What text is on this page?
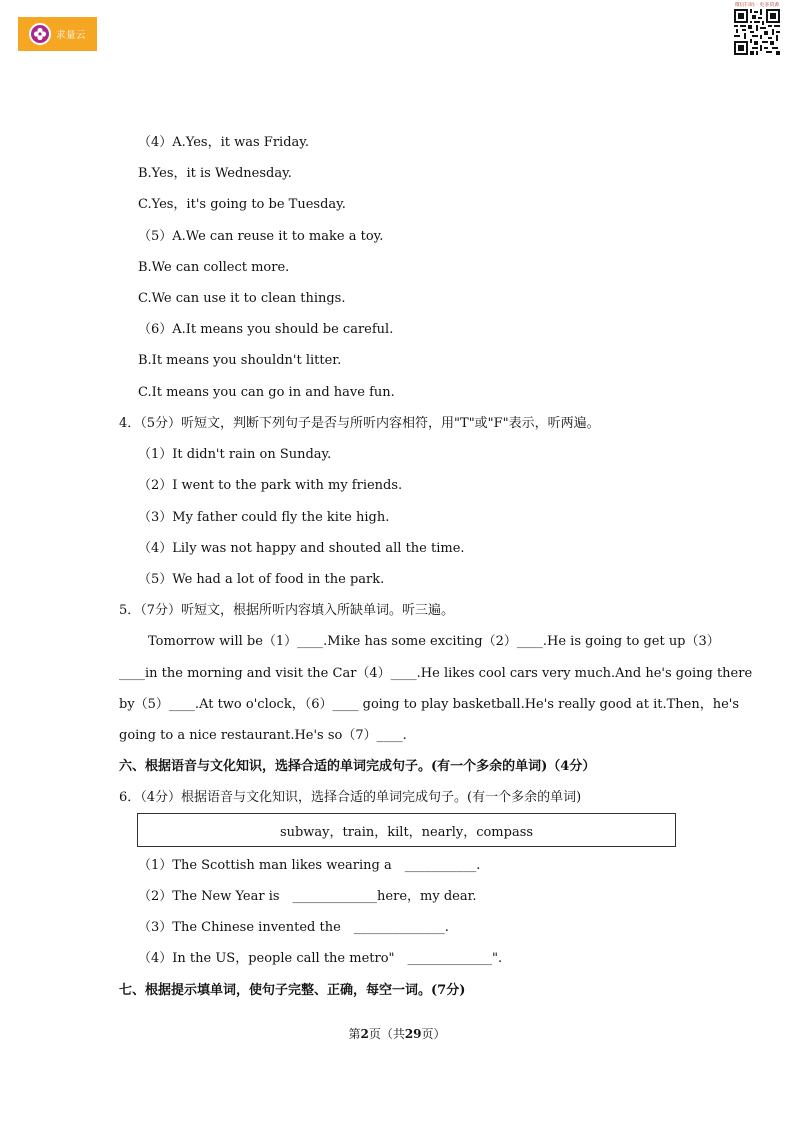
求量云
微信扫码 · 更多资源
（4）A.Yes，it was Friday.
B.Yes，it is Wednesday.
C.Yes，it's going to be Tuesday.
（5）A.We can reuse it to make a toy.
B.We can collect more.
C.We can use it to clean things.
（6）A.It means you should be careful.
B.It means you shouldn't litter.
C.It means you can go in and have fun.
4．（5分）听短文，判断下列句子是否与所听内容相符，用"T"或"F"表示，听两遍。
（1）It didn't rain on Sunday.
（2）I went to the park with my friends.
（3）My father could fly the kite high.
（4）Lily was not happy and shouted all the time.
（5）We had a lot of food in the park.
5．（7分）听短文，根据所听内容填入所缺单词。听三遍。
Tomorrow will be（1）____.Mike has some exciting（2）____.He is going to get up（3）
____in the morning and visit the Car（4）____.He likes cool cars very much.And he's going there
by（5）____.At two o'clock，（6）____ going to play basketball.He's really good at it.Then，he's
going to a nice restaurant.He's so（7）____.
六、根据语音与文化知识，选择合适的单词完成句子。(有一个多余的单词)（4分）
6．（4分）根据语音与文化知识，选择合适的单词完成句子。(有一个多余的单词)
subway，train，kilt，nearly，compass
（1）The Scottish man likes wearing a　___________.
（2）The New Year is　_____________here，my dear.
（3）The Chinese invented the　______________.
（4）In the US，people call the metro"　_____________".
七、根据提示填单词，使句子完整、正确，每空一词。(7分)
第2页（共29页）
